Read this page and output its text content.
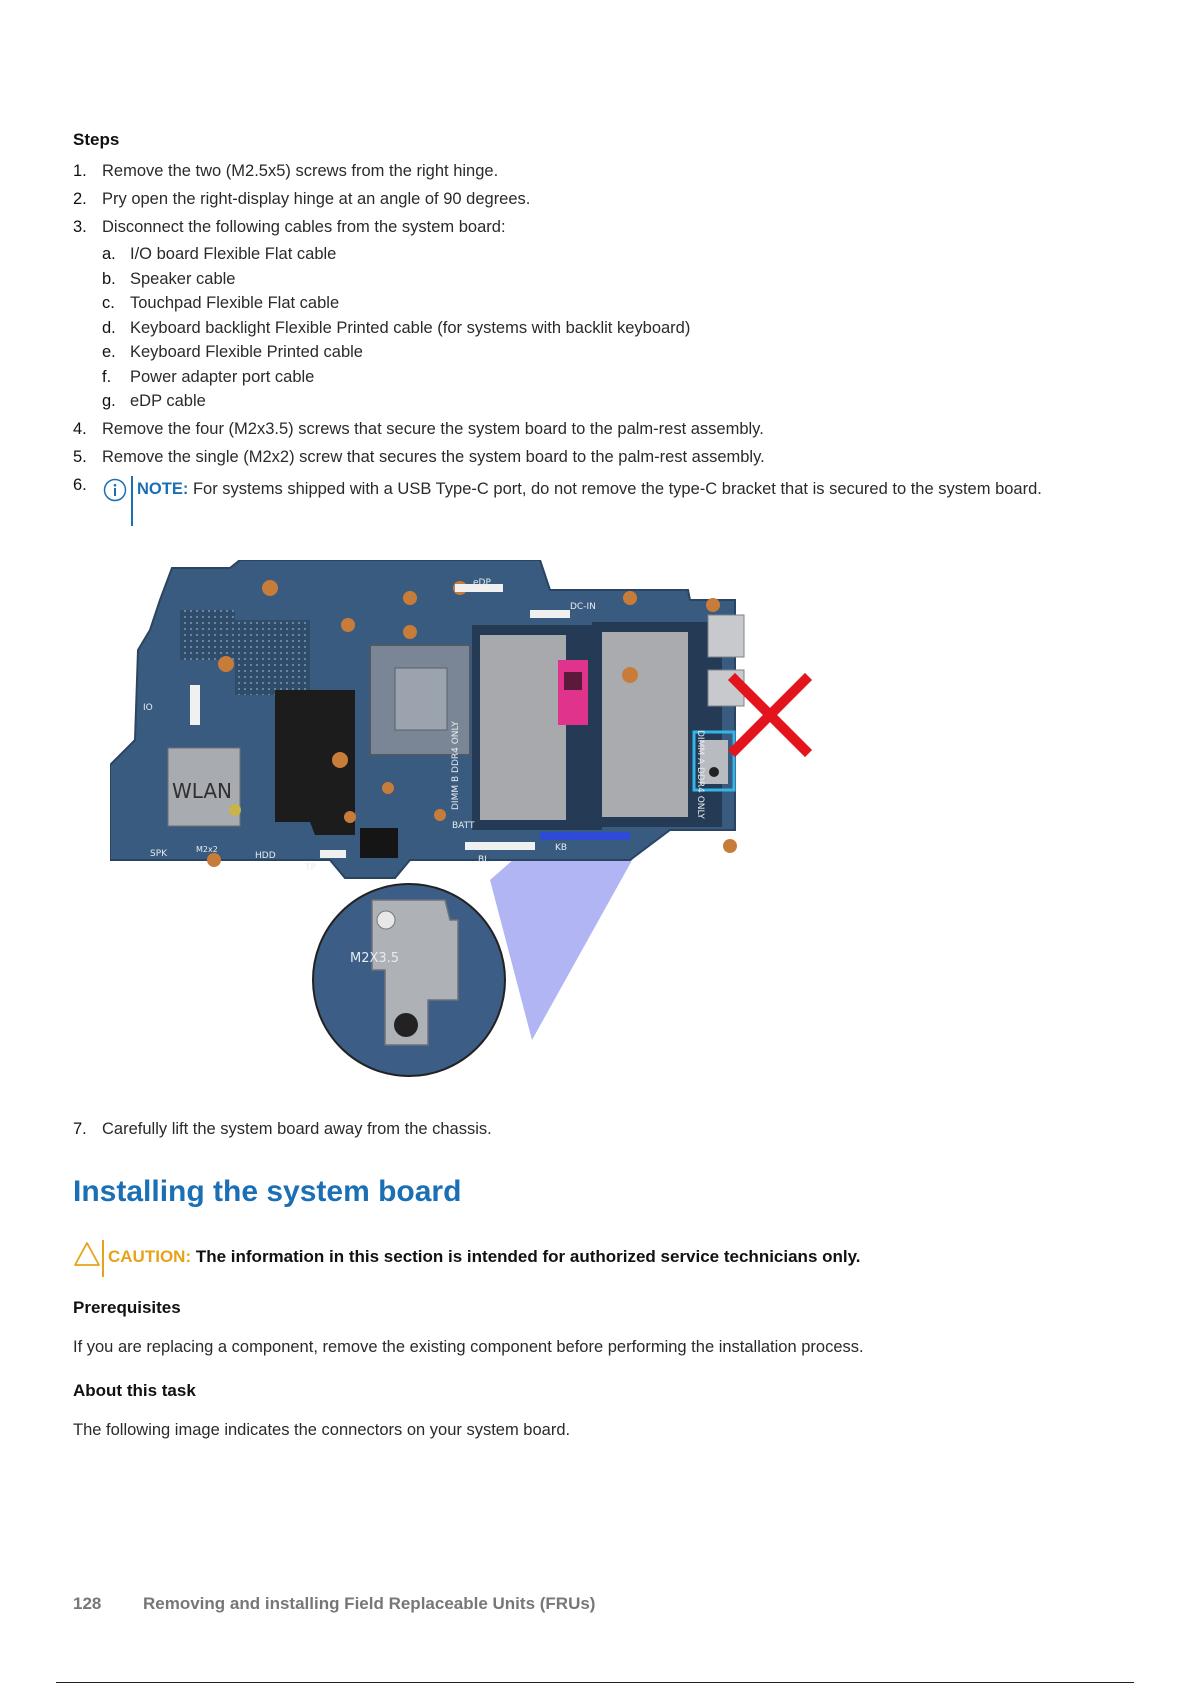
Steps
1. Remove the two (M2.5x5) screws from the right hinge.
2. Pry open the right-display hinge at an angle of 90 degrees.
3. Disconnect the following cables from the system board:
a. I/O board Flexible Flat cable
b. Speaker cable
c. Touchpad Flexible Flat cable
d. Keyboard backlight Flexible Printed cable (for systems with backlit keyboard)
e. Keyboard Flexible Printed cable
f. Power adapter port cable
g. eDP cable
4. Remove the four (M2x3.5) screws that secure the system board to the palm-rest assembly.
5. Remove the single (M2x2) screw that secures the system board to the palm-rest assembly.
6.	NOTE: For systems shipped with a USB Type-C port, do not remove the type-C bracket that is secured to the system board.
WLAN
eDP
DC-IN
BATT
KB
BL
SPK	HDD
TP
M2x2
IO
DIMM B DDR4 ONLY	DIMM A DDR4 ONLY
M2X3.5
7. Carefully lift the system board away from the chassis.
Installing the system board
CAUTION: The information in this section is intended for authorized service technicians only.
Prerequisites
If you are replacing a component, remove the existing component before performing the installation process.
About this task
The following image indicates the connectors on your system board.
128 Removing and installing Field Replaceable Units (FRUs)
